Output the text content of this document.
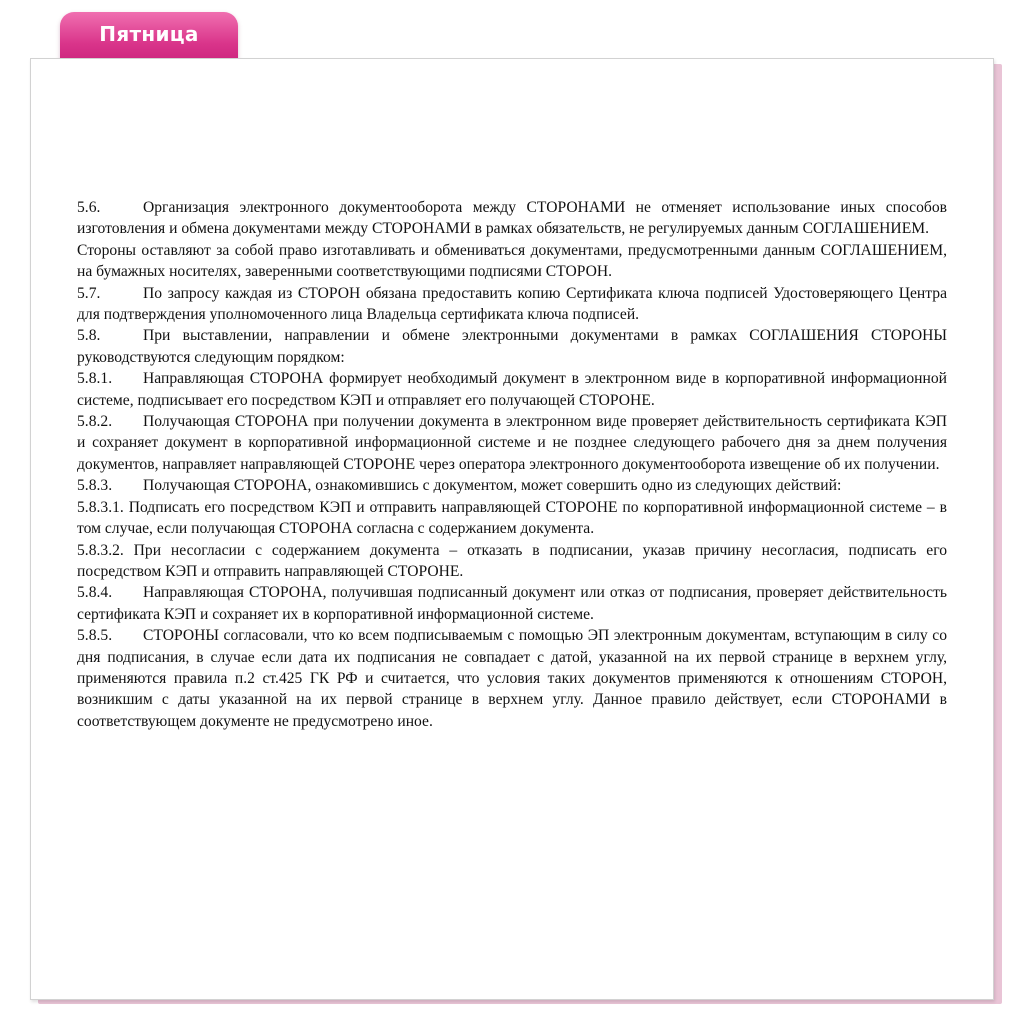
Пятница

5.6.	Организация электронного документооборота между СТОРОНАМИ не отменяет использование иных способов изготовления и обмена документами между СТОРОНАМИ в рамках обязательств, не регулируемых данным СОГЛАШЕНИЕМ.

Стороны оставляют за собой право изготавливать и обмениваться документами, предусмотренными данным СОГЛАШЕНИЕМ, на бумажных носителях, заверенными соответствующими подписями СТОРОН.

5.7.	По запросу каждая из СТОРОН обязана предоставить копию Сертификата ключа подписей Удостоверяющего Центра для подтверждения уполномоченного лица Владельца сертификата ключа подписей.

5.8.	При выставлении, направлении и обмене электронными документами в рамках СОГЛАШЕНИЯ СТОРОНЫ руководствуются следующим порядком:

5.8.1. Направляющая СТОРОНА формирует необходимый документ в электронном виде в корпоративной информационной системе, подписывает его посредством КЭП и отправляет его получающей СТОРОНЕ.

5.8.2. Получающая СТОРОНА при получении документа в электронном виде проверяет действительность сертификата КЭП и сохраняет документ в корпоративной информационной системе и не позднее следующего рабочего дня за днем получения документов, направляет направляющей СТОРОНЕ через оператора электронного документооборота извещение об их получении.

5.8.3. Получающая СТОРОНА, ознакомившись с документом, может совершить одно из следующих действий:

5.8.3.1. Подписать его посредством КЭП и отправить направляющей СТОРОНЕ по корпоративной информационной системе – в том случае, если получающая СТОРОНА согласна с содержанием документа.

5.8.3.2. При несогласии с содержанием документа – отказать в подписании, указав причину несогласия, подписать его посредством КЭП и отправить направляющей СТОРОНЕ.

5.8.4. Направляющая СТОРОНА, получившая подписанный документ или отказ от подписания, проверяет действительность сертификата КЭП и сохраняет их в корпоративной информационной системе.

5.8.5. СТОРОНЫ согласовали, что ко всем подписываемым с помощью ЭП электронным документам, вступающим в силу со дня подписания, в случае если дата их подписания не совпадает с датой, указанной на их первой странице в верхнем углу, применяются правила п.2 ст.425 ГК РФ и считается, что условия таких документов применяются к отношениям СТОРОН, возникшим с даты указанной на их первой странице в верхнем углу. Данное правило действует, если СТОРОНАМИ в соответствующем документе не предусмотрено иное.
